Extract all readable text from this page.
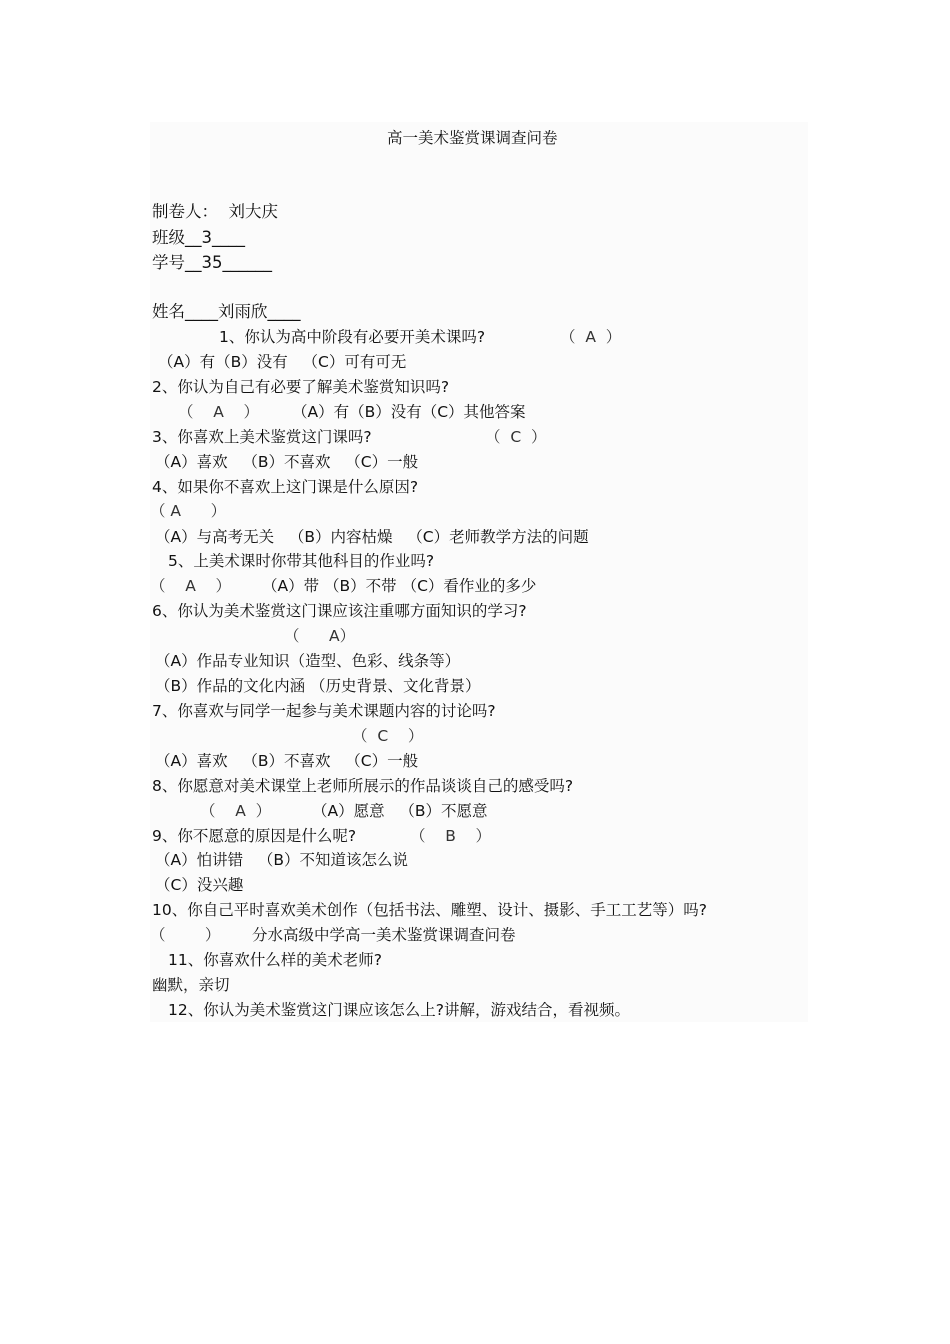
高一美术鉴赏课调查问卷
制卷人：  刘大庆
班级__3____
学号__35______
姓名____刘雨欣____
1、你认为高中阶段有必要开美术课吗?	（  A  ）
（A）有（B）没有   （C）可有可无
2、你认为自己有必要了解美术鉴赏知识吗?
（    A    ） （A）有（B）没有（C）其他答案
3、你喜欢上美术鉴赏这门课吗?	（  C  ）
（A）喜欢   （B）不喜欢   （C）一般
4、如果你不喜欢上这门课是什么原因?
（ A      ）
（A）与高考无关   （B）内容枯燥   （C）老师教学方法的问题
5、上美术课时你带其他科目的作业吗?
（    A    ） （A）带 （B）不带 （C）看作业的多少
6、你认为美术鉴赏这门课应该注重哪方面知识的学习?
（      A）
（A）作品专业知识（造型、色彩、线条等）
（B）作品的文化内涵 （历史背景、文化背景）
7、你喜欢与同学一起参与美术课题内容的讨论吗?
（  C    ）
（A）喜欢   （B）不喜欢   （C）一般
8、你愿意对美术课堂上老师所展示的作品谈谈自己的感受吗?
（    A  ）	（A）愿意   （B）不愿意
9、你不愿意的原因是什么呢?	（    B    ）
（A）怕讲错   （B）不知道该怎么说
（C）没兴趣
10、你自己平时喜欢美术创作（包括书法、雕塑、设计、摄影、手工工艺等）吗?
（        ） 分水高级中学高一美术鉴赏课调查问卷
11、你喜欢什么样的美术老师?
幽默，亲切
12、你认为美术鉴赏这门课应该怎么上?讲解，游戏结合，看视频。
